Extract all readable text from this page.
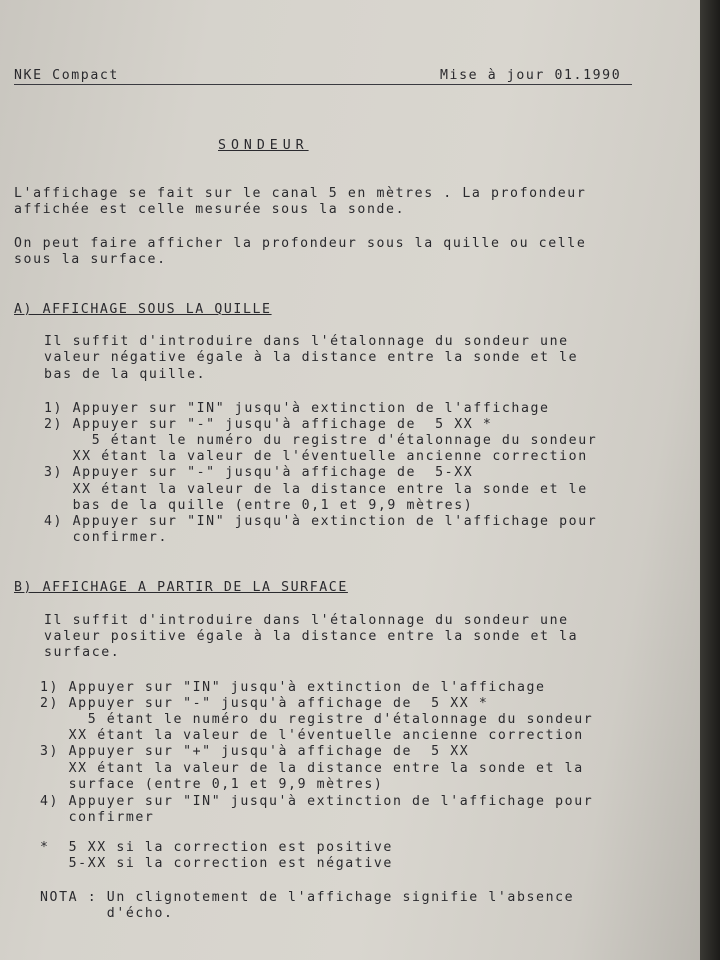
NKE Compact	Mise à jour 01.1990
SONDEUR
L'affichage se fait sur le canal 5 en mètres . La profondeur
affichée est celle mesurée sous la sonde.
On peut faire afficher la profondeur sous la quille ou celle
sous la surface.
A) AFFICHAGE SOUS LA QUILLE
Il suffit d'introduire dans l'étalonnage du sondeur une
valeur négative égale à la distance entre la sonde et le
bas de la quille.
1) Appuyer sur "IN" jusqu'à extinction de l'affichage
2) Appuyer sur "-" jusqu'à affichage de  5 XX *
5 étant le numéro du registre d'étalonnage du sondeur
XX étant la valeur de l'éventuelle ancienne correction
3) Appuyer sur "-" jusqu'à affichage de  5-XX
XX étant la valeur de la distance entre la sonde et le
bas de la quille (entre 0,1 et 9,9 mètres)
4) Appuyer sur "IN" jusqu'à extinction de l'affichage pour
confirmer.
B) AFFICHAGE A PARTIR DE LA SURFACE
Il suffit d'introduire dans l'étalonnage du sondeur une
valeur positive égale à la distance entre la sonde et la
surface.
1) Appuyer sur "IN" jusqu'à extinction de l'affichage
2) Appuyer sur "-" jusqu'à affichage de  5 XX *
5 étant le numéro du registre d'étalonnage du sondeur
XX étant la valeur de l'éventuelle ancienne correction
3) Appuyer sur "+" jusqu'à affichage de  5 XX
XX étant la valeur de la distance entre la sonde et la
surface (entre 0,1 et 9,9 mètres)
4) Appuyer sur "IN" jusqu'à extinction de l'affichage pour
confirmer
*  5 XX si la correction est positive
5-XX si la correction est négative
NOTA : Un clignotement de l'affichage signifie l'absence
d'écho.
